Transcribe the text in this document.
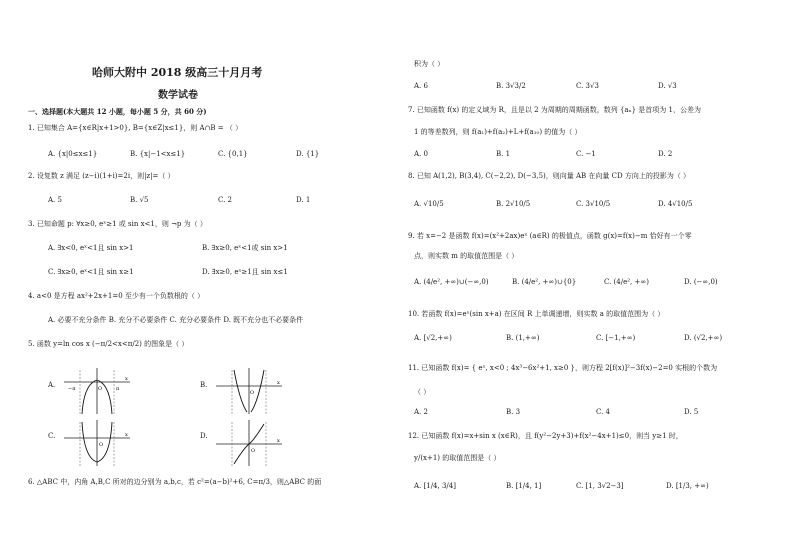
哈师大附中 2018 级高三十月月考
数学试卷
一、选择题(本大题共 12 小题，每小题 5 分，共 60 分)
1. 已知集合 A={x∈R|x+1>0}, B={x∈Z|x≤1}，则 A∩B = （ ）
A. {x|0≤x≤1}	B. {x|−1<x≤1}	C. {0,1}	D. {1}
2. 设复数 z 满足 (z−i)(1+i)=2i，则|z|=（ ）
A. 5	B. √5	C. 2	D. 1
3. 已知命题 p: ∀x≥0, eˣ≥1 或 sin x<1，则 ¬p 为（ ）
A. ∃x<0, eˣ<1且 sin x>1	B. ∃x≥0, eˣ<1或 sin x>1
C. ∃x≥0, eˣ<1且 sin x≥1	D. ∃x≥0, eˣ≥1且 sin x≤1
4. a<0 是方程 ax²+2x+1=0 至少有一个负数根的（ ）
A. 必要不充分条件 B. 充分不必要条件 C. 充分必要条件 D. 既不充分也不必要条件
5. 函数 y=ln cos x (−π/2<x<π/2) 的图象是（ ）
A.	−π	π
O
x
B.
O
x
C.
O
x	D.
O
x
6. △ABC 中，内角 A,B,C 所对的边分别为 a,b,c，若 c²=(a−b)²+6, C=π/3，则△ABC 的面
积为（ ）
A. 6	B. 3√3/2	C. 3√3	D. √3
7. 已知函数 f(x) 的定义域为 R，且是以 2 为周期的周期函数，数列 {aₙ} 是首项为 1，公差为
1 的等差数列，则 f(a₁)+f(a₂)+L+f(a₁₀) 的值为（ ）
A. 0	B. 1	C. −1	D. 2
8. 已知 A(1,2), B(3,4), C(−2,2), D(−3,5)，则向量 AB 在向量 CD 方向上的投影为（ ）
A. √10/5	B. 2√10/5	C. 3√10/5	D. 4√10/5
9. 若 x=−2 是函数 f(x)=(x²+2ax)eˣ (a∈R) 的极值点，函数 g(x)=f(x)−m 恰好有一个零
点，则实数 m 的取值范围是（ ）
A. (4/e², +∞)∪(−∞,0)	B. (4/e², +∞)∪{0}	C. (4/e², +∞)	D. (−∞,0)
10. 若函数 f(x)=eˣ(sin x+a) 在区间 R 上单调递增，则实数 a 的取值范围为（ ）
A. [√2,+∞)	B. (1,+∞)	C. [−1,+∞)	D. (√2,+∞)
11. 已知函数 f(x)= { eˣ, x<0 ; 4x³−6x²+1, x≥0 }，则方程 2[f(x)]²−3f(x)−2=0 实根的个数为
（ ）
A. 2	B. 3	C. 4	D. 5
12. 已知函数 f(x)=x+sin x (x∈R)，且 f(y²−2y+3)+f(x²−4x+1)≤0，则当 y≥1 时，
y/(x+1) 的取值范围是（ ）
A. [1/4, 3/4]	B. [1/4, 1]	C. [1, 3√2−3]	D. [1/3, +∞)
